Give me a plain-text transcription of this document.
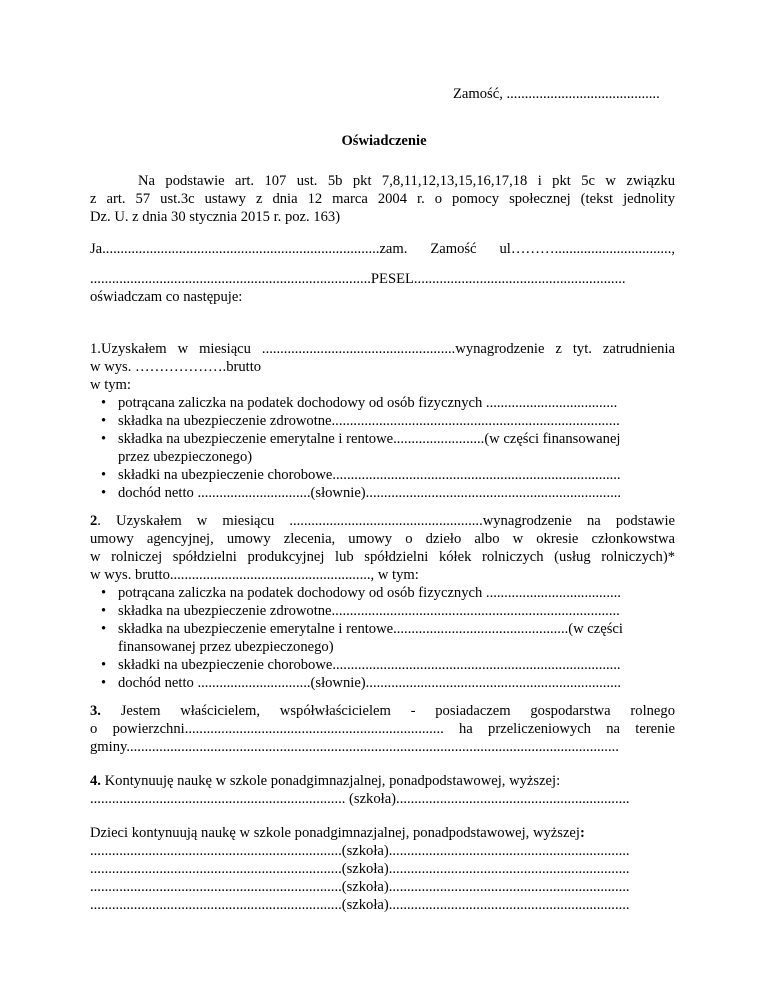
Zamość, ..........................................
Oświadczenie
Na podstawie art. 107 ust. 5b pkt 7,8,11,12,13,15,16,17,18 i pkt 5c w związku
z art. 57 ust.3c ustawy z dnia 12 marca 2004 r. o pomocy społecznej (tekst jednolity
Dz. U. z dnia 30 stycznia 2015 r. poz. 163)
Ja............................................................................zam. Zamość ul………................................,
.............................................................................PESEL..........................................................
oświadczam co następuje:
1.Uzyskałem w miesiącu .....................................................wynagrodzenie z tyt. zatrudnienia
w wys. ……………….brutto
w tym:
• potrącana zaliczka na podatek dochodowy od osób fizycznych ....................................
• składka na ubezpieczenie zdrowotne...............................................................................
• składka na ubezpieczenie emerytalne i rentowe.........................(w części finansowanej
przez ubezpieczonego)
• składki na ubezpieczenie chorobowe...............................................................................
• dochód netto ...............................(słownie)......................................................................
2. Uzyskałem w miesiącu .....................................................wynagrodzenie na podstawie
umowy agencyjnej, umowy zlecenia, umowy o dzieło albo w okresie członkowstwa
w rolniczej spółdzielni produkcyjnej lub spółdzielni kółek rolniczych (usług rolniczych)*
w wys. brutto......................................................., w tym:
• potrącana zaliczka na podatek dochodowy od osób fizycznych .....................................
• składka na ubezpieczenie zdrowotne...............................................................................
• składka na ubezpieczenie emerytalne i rentowe................................................(w części
finansowanej przez ubezpieczonego)
• składki na ubezpieczenie chorobowe...............................................................................
• dochód netto ...............................(słownie)......................................................................
3. Jestem właścicielem, współwłaścicielem - posiadaczem gospodarstwa rolnego
o powierzchni....................................................................... ha przeliczeniowych na terenie
gminy.......................................................................................................................................
4. Kontynuuję naukę w szkole ponadgimnazjalnej, ponadpodstawowej, wyższej:
...................................................................... (szkoła)................................................................
Dzieci kontynuują naukę w szkole ponadgimnazjalnej, ponadpodstawowej, wyższej:
.....................................................................(szkoła)..................................................................
.....................................................................(szkoła)..................................................................
.....................................................................(szkoła)..................................................................
.....................................................................(szkoła)..................................................................
